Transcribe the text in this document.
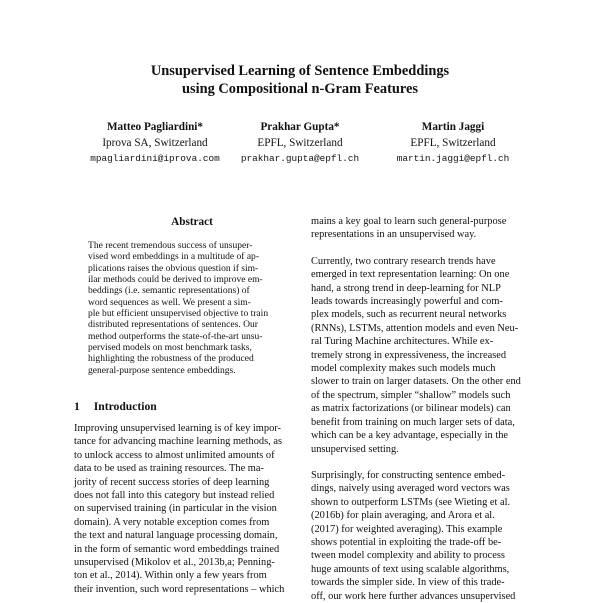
Unsupervised Learning of Sentence Embeddings
using Compositional n-Gram Features
Matteo Pagliardini*
Iprova SA, Switzerland
mpagliardini@iprova.com
Prakhar Gupta*
EPFL, Switzerland
prakhar.gupta@epfl.ch
Martin Jaggi
EPFL, Switzerland
martin.jaggi@epfl.ch
Abstract
The recent tremendous success of unsuper-
vised word embeddings in a multitude of ap-
plications raises the obvious question if sim-
ilar methods could be derived to improve em-
beddings (i.e. semantic representations) of
word sequences as well. We present a sim-
ple but efficient unsupervised objective to train
distributed representations of sentences. Our
method outperforms the state-of-the-art unsu-
pervised models on most benchmark tasks,
highlighting the robustness of the produced
general-purpose sentence embeddings.
1 Introduction
Improving unsupervised learning is of key impor-
tance for advancing machine learning methods, as
to unlock access to almost unlimited amounts of
data to be used as training resources. The ma-
jority of recent success stories of deep learning
does not fall into this category but instead relied
on supervised training (in particular in the vision
domain). A very notable exception comes from
the text and natural language processing domain,
in the form of semantic word embeddings trained
unsupervised (Mikolov et al., 2013b,a; Penning-
ton et al., 2014). Within only a few years from
their invention, such word representations – which
mains a key goal to learn such general-purpose
representations in an unsupervised way.
Currently, two contrary research trends have
emerged in text representation learning: On one
hand, a strong trend in deep-learning for NLP
leads towards increasingly powerful and com-
plex models, such as recurrent neural networks
(RNNs), LSTMs, attention models and even Neu-
ral Turing Machine architectures. While ex-
tremely strong in expressiveness, the increased
model complexity makes such models much
slower to train on larger datasets. On the other end
of the spectrum, simpler “shallow” models such
as matrix factorizations (or bilinear models) can
benefit from training on much larger sets of data,
which can be a key advantage, especially in the
unsupervised setting.
Surprisingly, for constructing sentence embed-
dings, naively using averaged word vectors was
shown to outperform LSTMs (see Wieting et al.
(2016b) for plain averaging, and Arora et al.
(2017) for weighted averaging). This example
shows potential in exploiting the trade-off be-
tween model complexity and ability to process
huge amounts of text using scalable algorithms,
towards the simpler side. In view of this trade-
off, our work here further advances unsupervised
